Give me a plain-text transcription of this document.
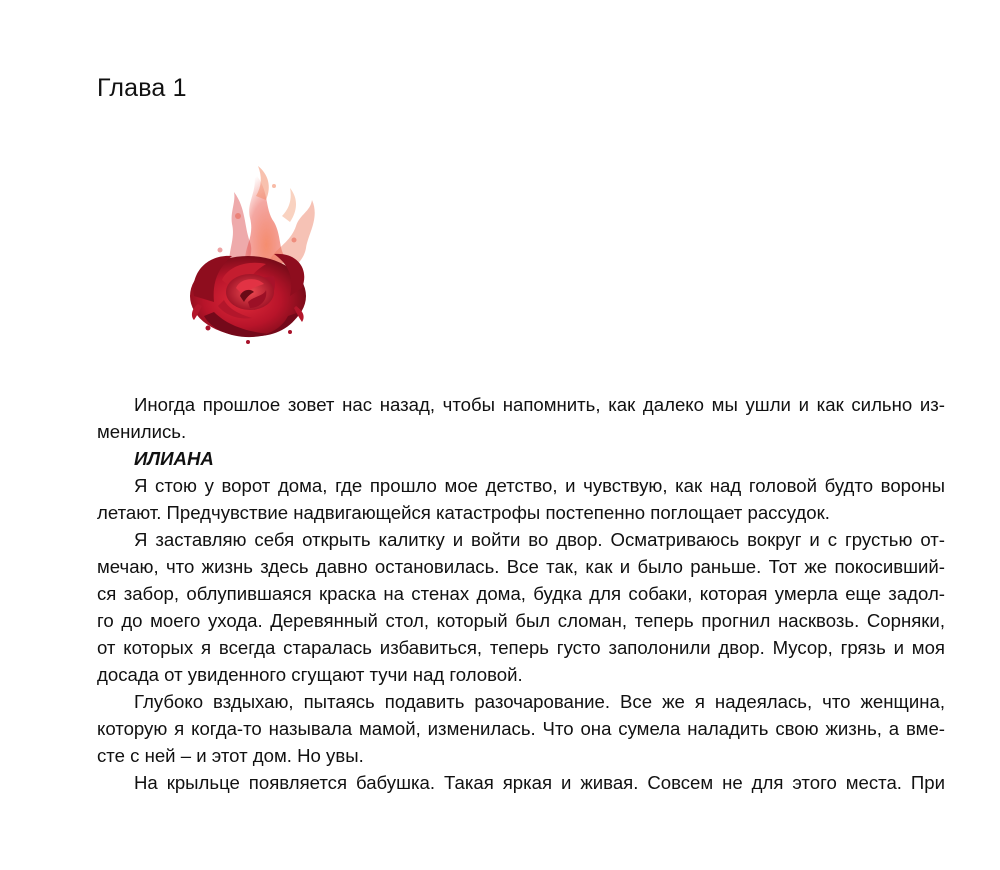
Глава 1
Иногда прошлое зовет нас назад, чтобы напомнить, как далеко мы ушли и как сильно из-
менились.
ИЛИАНА
Я стою у ворот дома, где прошло мое детство, и чувствую, как над головой будто вороны
летают. Предчувствие надвигающейся катастрофы постепенно поглощает рассудок.
Я заставляю себя открыть калитку и войти во двор. Осматриваюсь вокруг и с грустью от-
мечаю, что жизнь здесь давно остановилась. Все так, как и было раньше. Тот же покосивший-
ся забор, облупившаяся краска на стенах дома, будка для собаки, которая умерла еще задол-
го до моего ухода. Деревянный стол, который был сломан, теперь прогнил насквозь. Сорняки,
от которых я всегда старалась избавиться, теперь густо заполонили двор. Мусор, грязь и моя
досада от увиденного сгущают тучи над головой.
Глубоко вздыхаю, пытаясь подавить разочарование. Все же я надеялась, что женщина,
которую я когда-то называла мамой, изменилась. Что она сумела наладить свою жизнь, а вме-
сте с ней – и этот дом. Но увы.
На крыльце появляется бабушка. Такая яркая и живая. Совсем не для этого места. При
